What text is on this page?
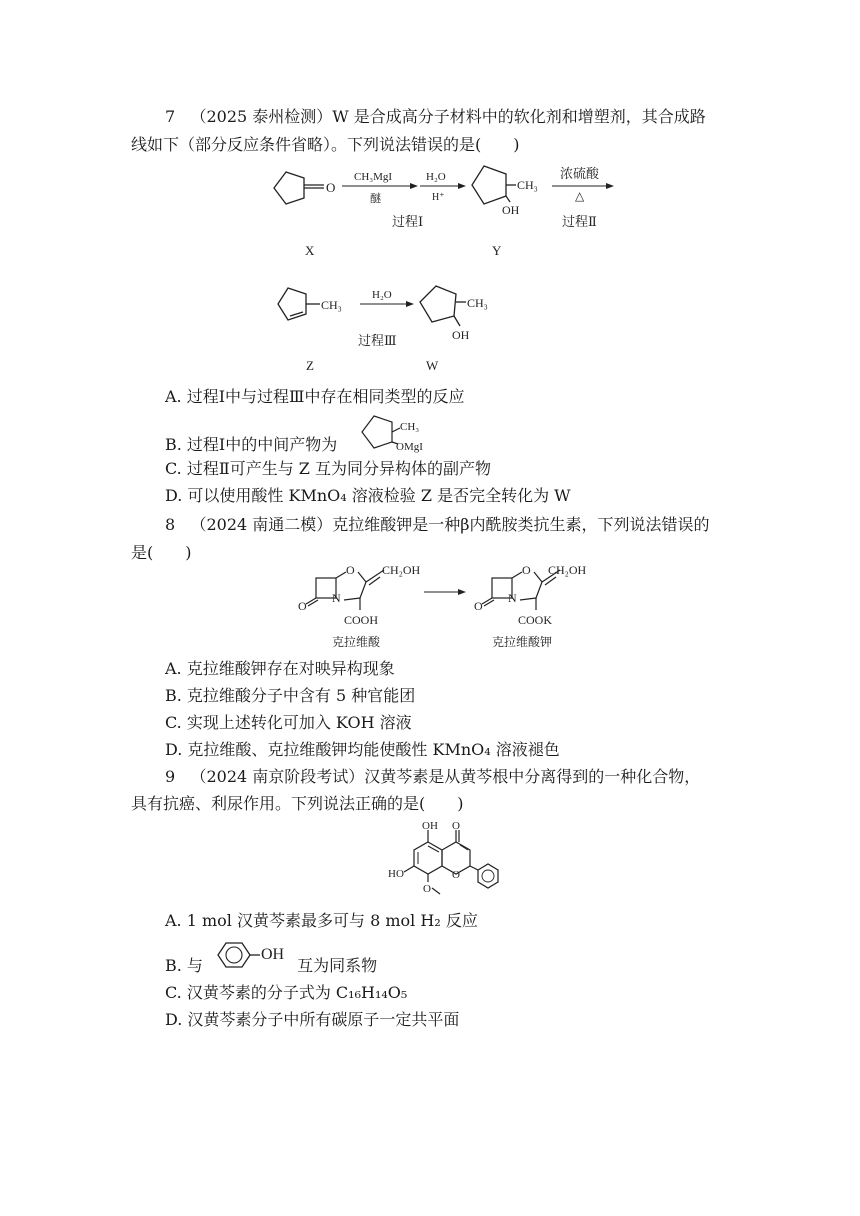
7 （2025 泰州检测）W 是合成高分子材料中的软化剂和增塑剂，其合成路
线如下（部分反应条件省略）。下列说法错误的是(　　)
O
CH₃MgI
醚
H₂O
H⁺
CH₃
OH
浓硫酸
△
过程Ⅰ	过程Ⅱ
X	Y
CH₃
H₂O
CH₃
OH
过程Ⅲ
Z	W
A. 过程Ⅰ中与过程Ⅲ中存在相同类型的反应
B. 过程Ⅰ中的中间产物为
CH₃
OMgI
C. 过程Ⅱ可产生与 Z 互为同分异构体的副产物
D. 可以使用酸性 KMnO₄ 溶液检验 Z 是否完全转化为 W
8 （2024 南通二模）克拉维酸钾是一种β内酰胺类抗生素，下列说法错误的
是(　　)
O
N
O CH₂OH
COOH
克拉维酸
O
N
O CH₂OH
COOK
克拉维酸钾
A. 克拉维酸钾存在对映异构现象
B. 克拉维酸分子中含有 5 种官能团
C. 实现上述转化可加入 KOH 溶液
D. 克拉维酸、克拉维酸钾均能使酸性 KMnO₄ 溶液褪色
9 （2024 南京阶段考试）汉黄芩素是从黄芩根中分离得到的一种化合物，
具有抗癌、利尿作用。下列说法正确的是(　　)
O
OH
HO	O
O
A. 1 mol 汉黄芩素最多可与 8 mol H₂ 反应
B. 与	互为同系物
OH
C. 汉黄芩素的分子式为 C₁₆H₁₄O₅
D. 汉黄芩素分子中所有碳原子一定共平面
